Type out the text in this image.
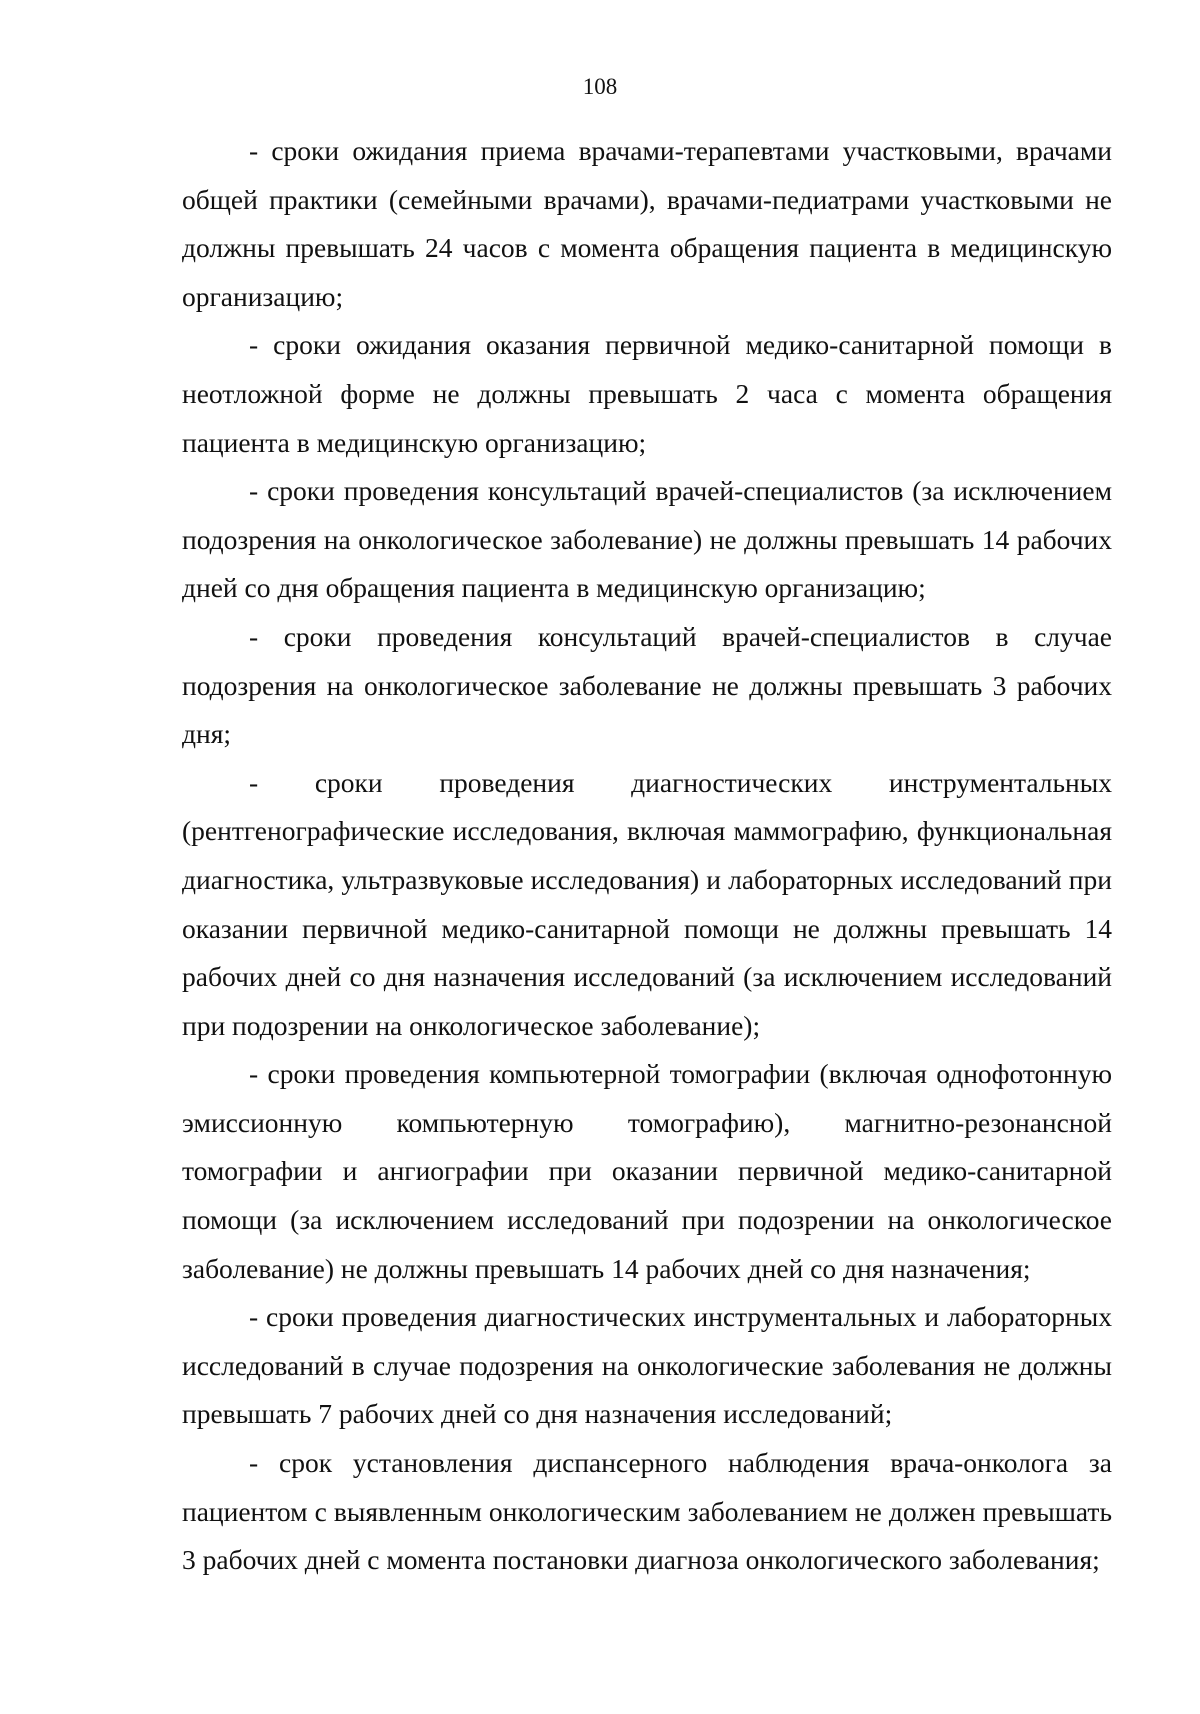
108

- сроки ожидания приема врачами-терапевтами участковыми, врачами общей практики (семейными врачами), врачами-педиатрами участковыми не должны превышать 24 часов с момента обращения пациента в медицинскую организацию;

- сроки ожидания оказания первичной медико-санитарной помощи в неотложной форме не должны превышать 2 часа с момента обращения пациента в медицинскую организацию;

- сроки проведения консультаций врачей-специалистов (за исключением подозрения на онкологическое заболевание) не должны превышать 14 рабочих дней со дня обращения пациента в медицинскую организацию;

- сроки проведения консультаций врачей-специалистов в случае подозрения на онкологическое заболевание не должны превышать 3 рабочих дня;

- сроки проведения диагностических инструментальных (рентгенографические исследования, включая маммографию, функциональная диагностика, ультразвуковые исследования) и лабораторных исследований при оказании первичной медико-санитарной помощи не должны превышать 14 рабочих дней со дня назначения исследований (за исключением исследований при подозрении на онкологическое заболевание);

- сроки проведения компьютерной томографии (включая однофотонную эмиссионную компьютерную томографию), магнитно-резонансной томографии и ангиографии при оказании первичной медико-санитарной помощи (за исключением исследований при подозрении на онкологическое заболевание) не должны превышать 14 рабочих дней со дня назначения;

- сроки проведения диагностических инструментальных и лабораторных исследований в случае подозрения на онкологические заболевания не должны превышать 7 рабочих дней со дня назначения исследований;

- срок установления диспансерного наблюдения врача-онколога за пациентом с выявленным онкологическим заболеванием не должен превышать 3 рабочих дней с момента постановки диагноза онкологического заболевания;
